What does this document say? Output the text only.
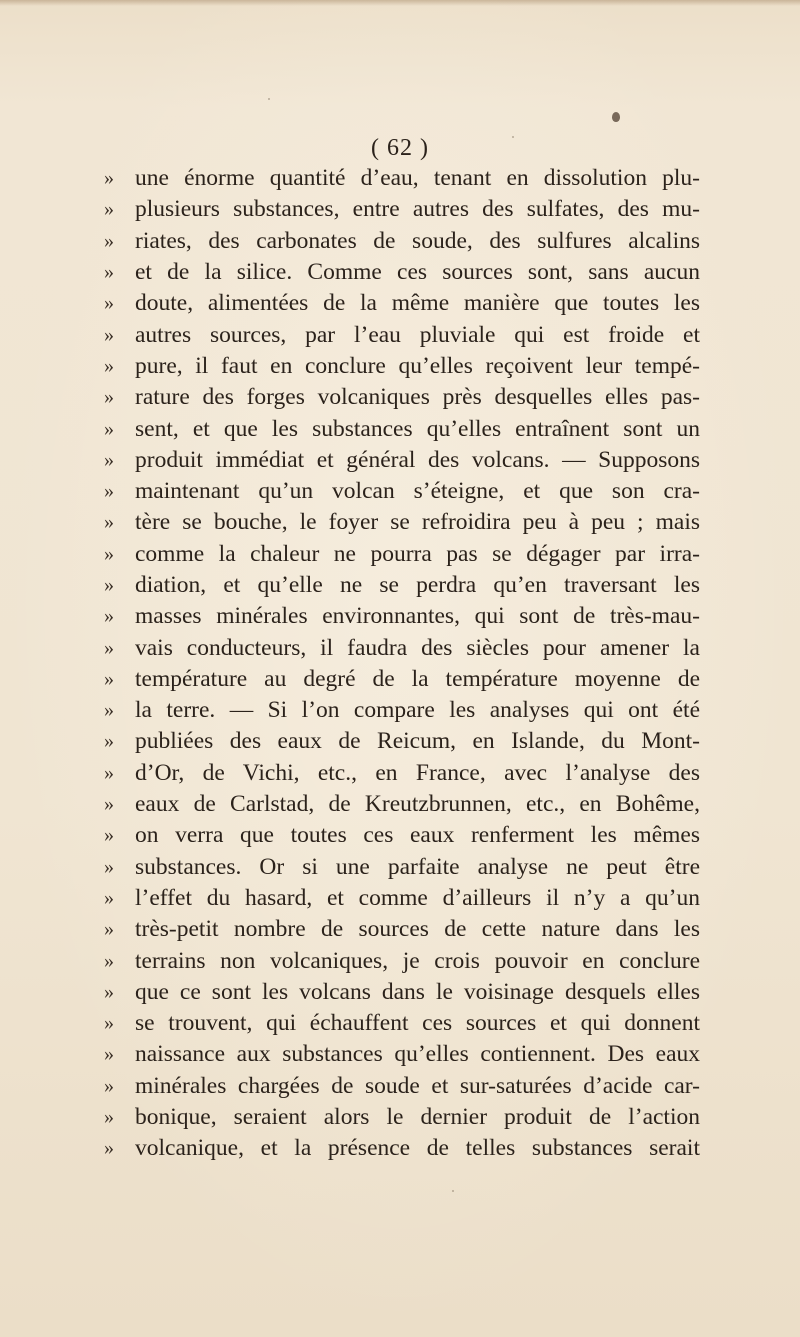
( 62 )
» une énorme quantité d’eau, tenant en dissolution plu-
» plusieurs substances, entre autres des sulfates, des mu-
» riates, des carbonates de soude, des sulfures alcalins
» et de la silice. Comme ces sources sont, sans aucun
» doute, alimentées de la même manière que toutes les
» autres sources, par l’eau pluviale qui est froide et
» pure, il faut en conclure qu’elles reçoivent leur tempé-
» rature des forges volcaniques près desquelles elles pas-
» sent, et que les substances qu’elles entraînent sont un
» produit immédiat et général des volcans. — Supposons
» maintenant qu’un volcan s’éteigne, et que son cra-
» tère se bouche, le foyer se refroidira peu à peu ; mais
» comme la chaleur ne pourra pas se dégager par irra-
» diation, et qu’elle ne se perdra qu’en traversant les
» masses minérales environnantes, qui sont de très-mau-
» vais conducteurs, il faudra des siècles pour amener la
» température au degré de la température moyenne de
» la terre. — Si l’on compare les analyses qui ont été
» publiées des eaux de Reicum, en Islande, du Mont-
» d’Or, de Vichi, etc., en France, avec l’analyse des
» eaux de Carlstad, de Kreutzbrunnen, etc., en Bohême,
» on verra que toutes ces eaux renferment les mêmes
» substances. Or si une parfaite analyse ne peut être
» l’effet du hasard, et comme d’ailleurs il n’y a qu’un
» très-petit nombre de sources de cette nature dans les
» terrains non volcaniques, je crois pouvoir en conclure
» que ce sont les volcans dans le voisinage desquels elles
» se trouvent, qui échauffent ces sources et qui donnent
» naissance aux substances qu’elles contiennent. Des eaux
» minérales chargées de soude et sur-saturées d’acide car-
» bonique, seraient alors le dernier produit de l’action
» volcanique, et la présence de telles substances serait
